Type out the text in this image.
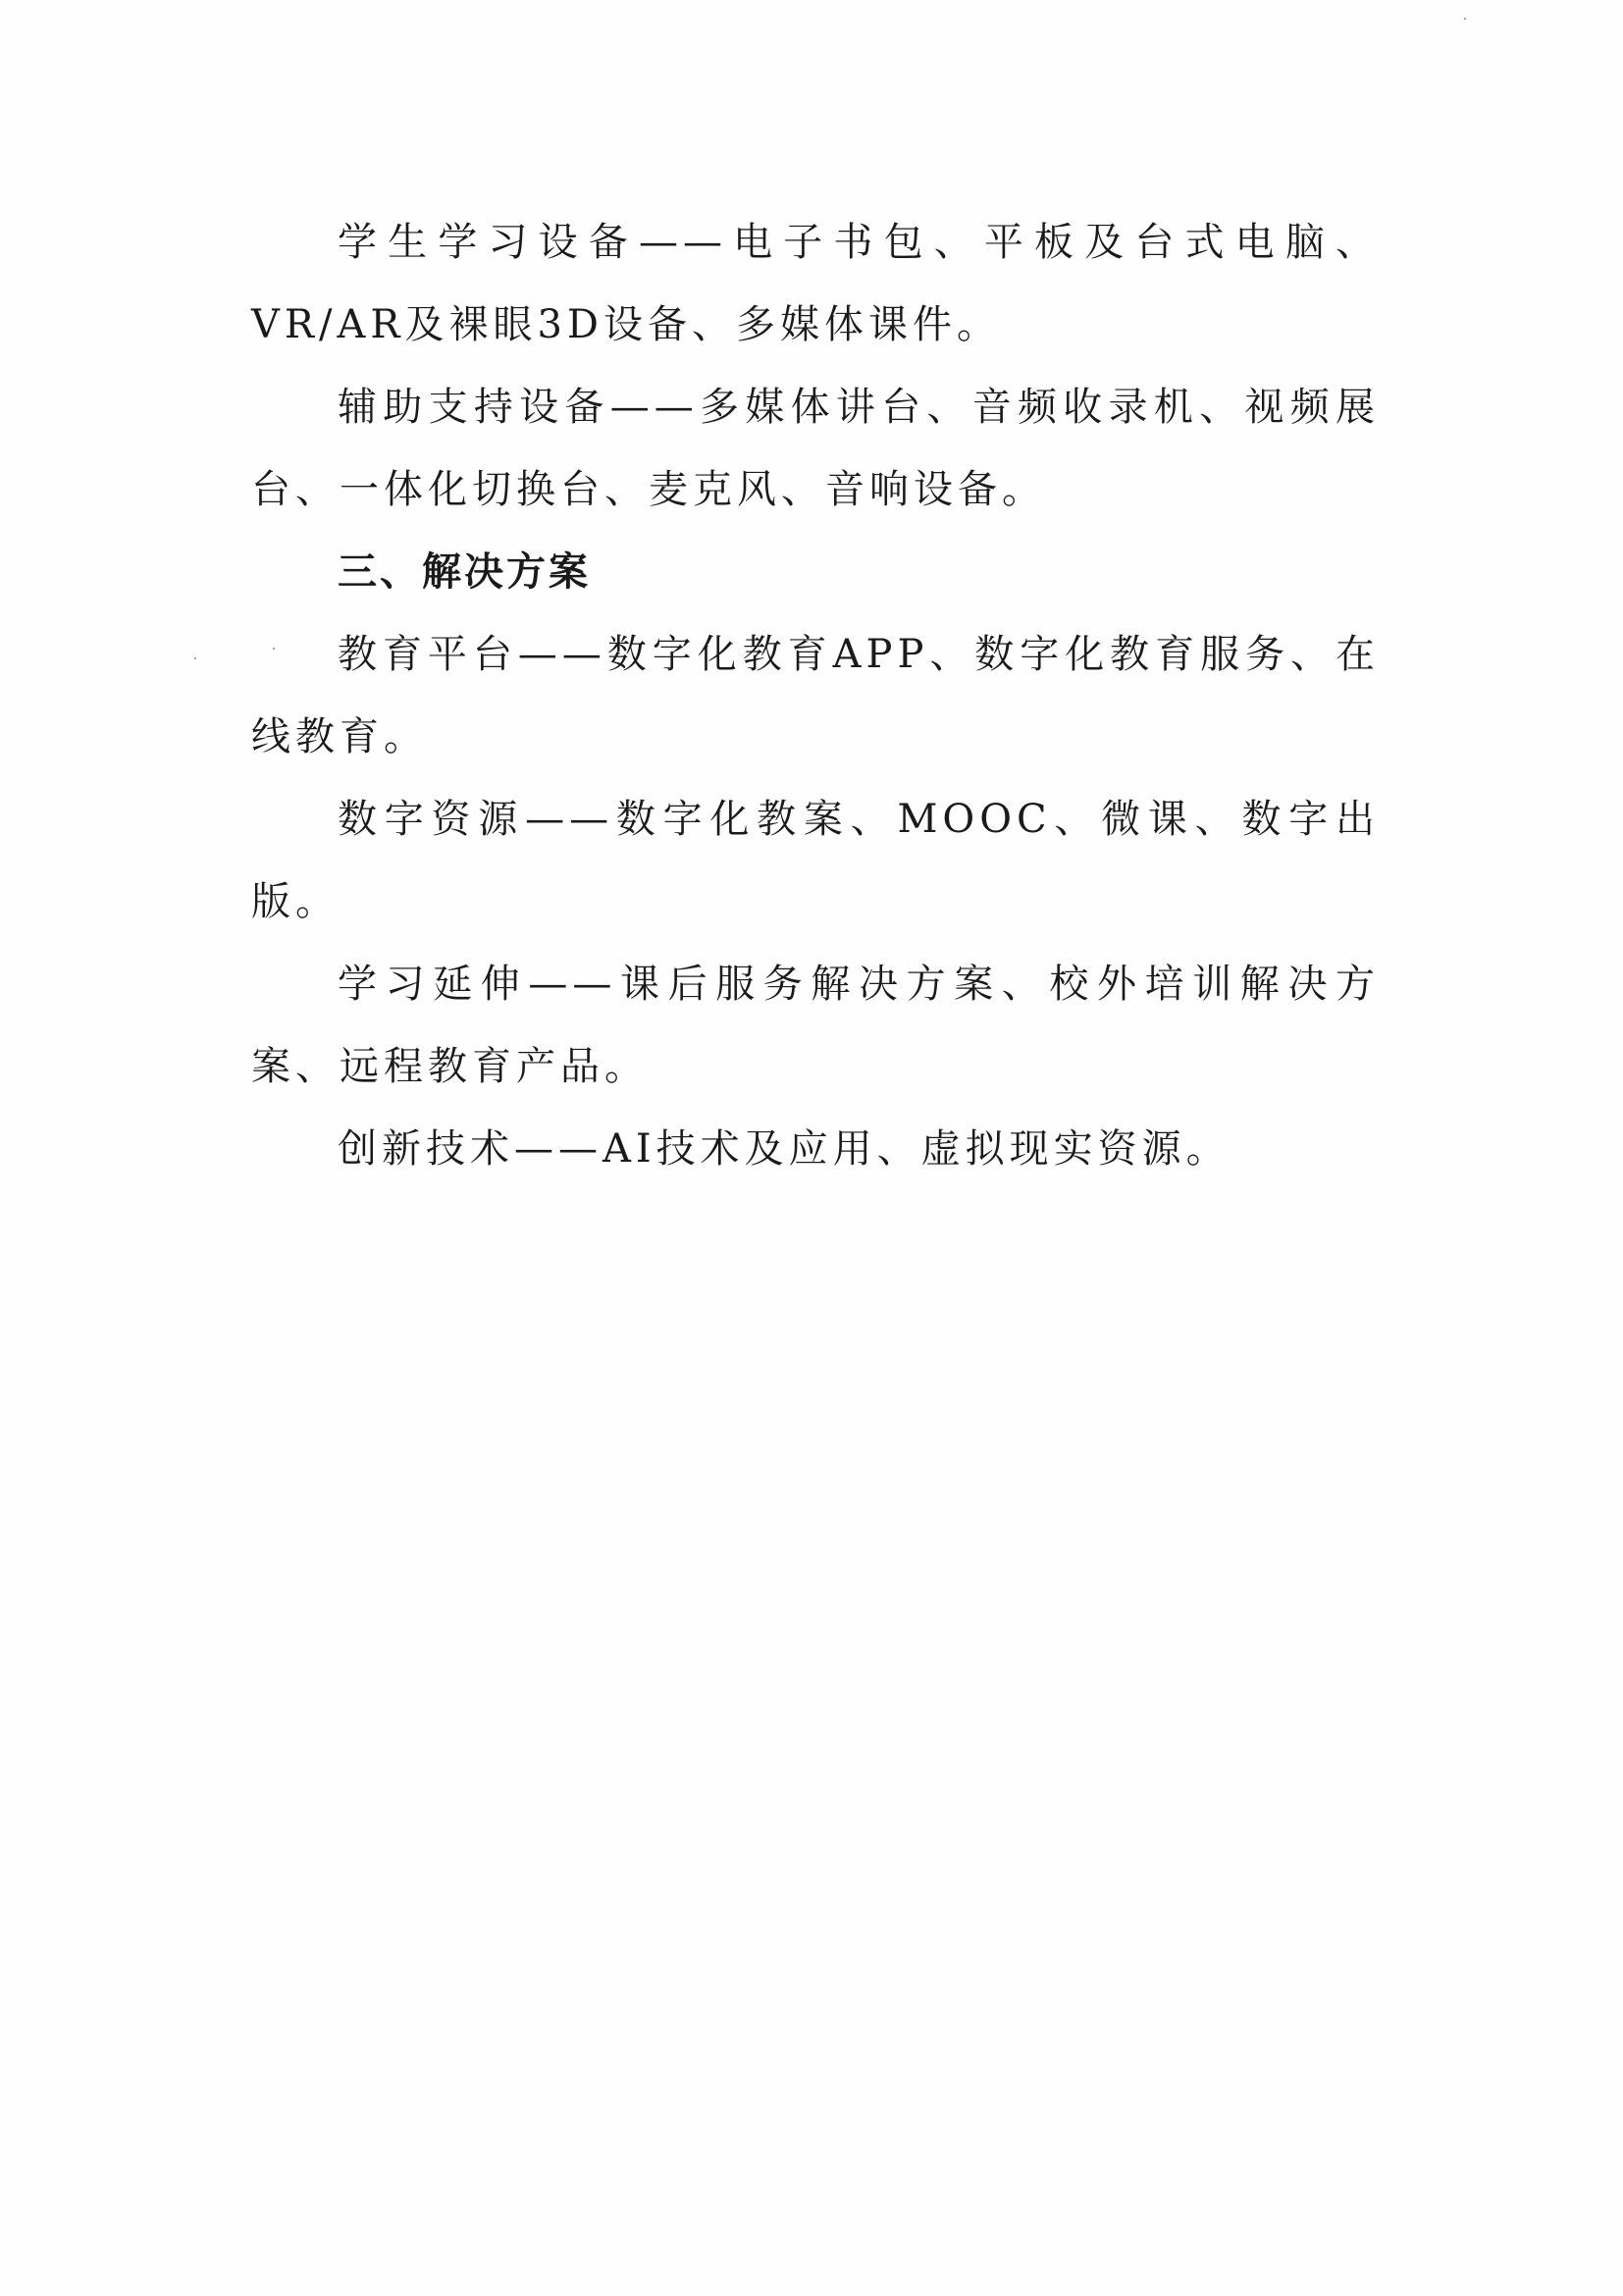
学生学习设备——电子书包、平板及台式电脑、VR/AR及裸眼3D设备、多媒体课件。

辅助支持设备——多媒体讲台、音频收录机、视频展台、一体化切换台、麦克风、音响设备。

三、解决方案

教育平台——数字化教育APP、数字化教育服务、在线教育。

数字资源——数字化教案、MOOC、微课、数字出版。

学习延伸——课后服务解决方案、校外培训解决方案、远程教育产品。

创新技术——AI技术及应用、虚拟现实资源。
